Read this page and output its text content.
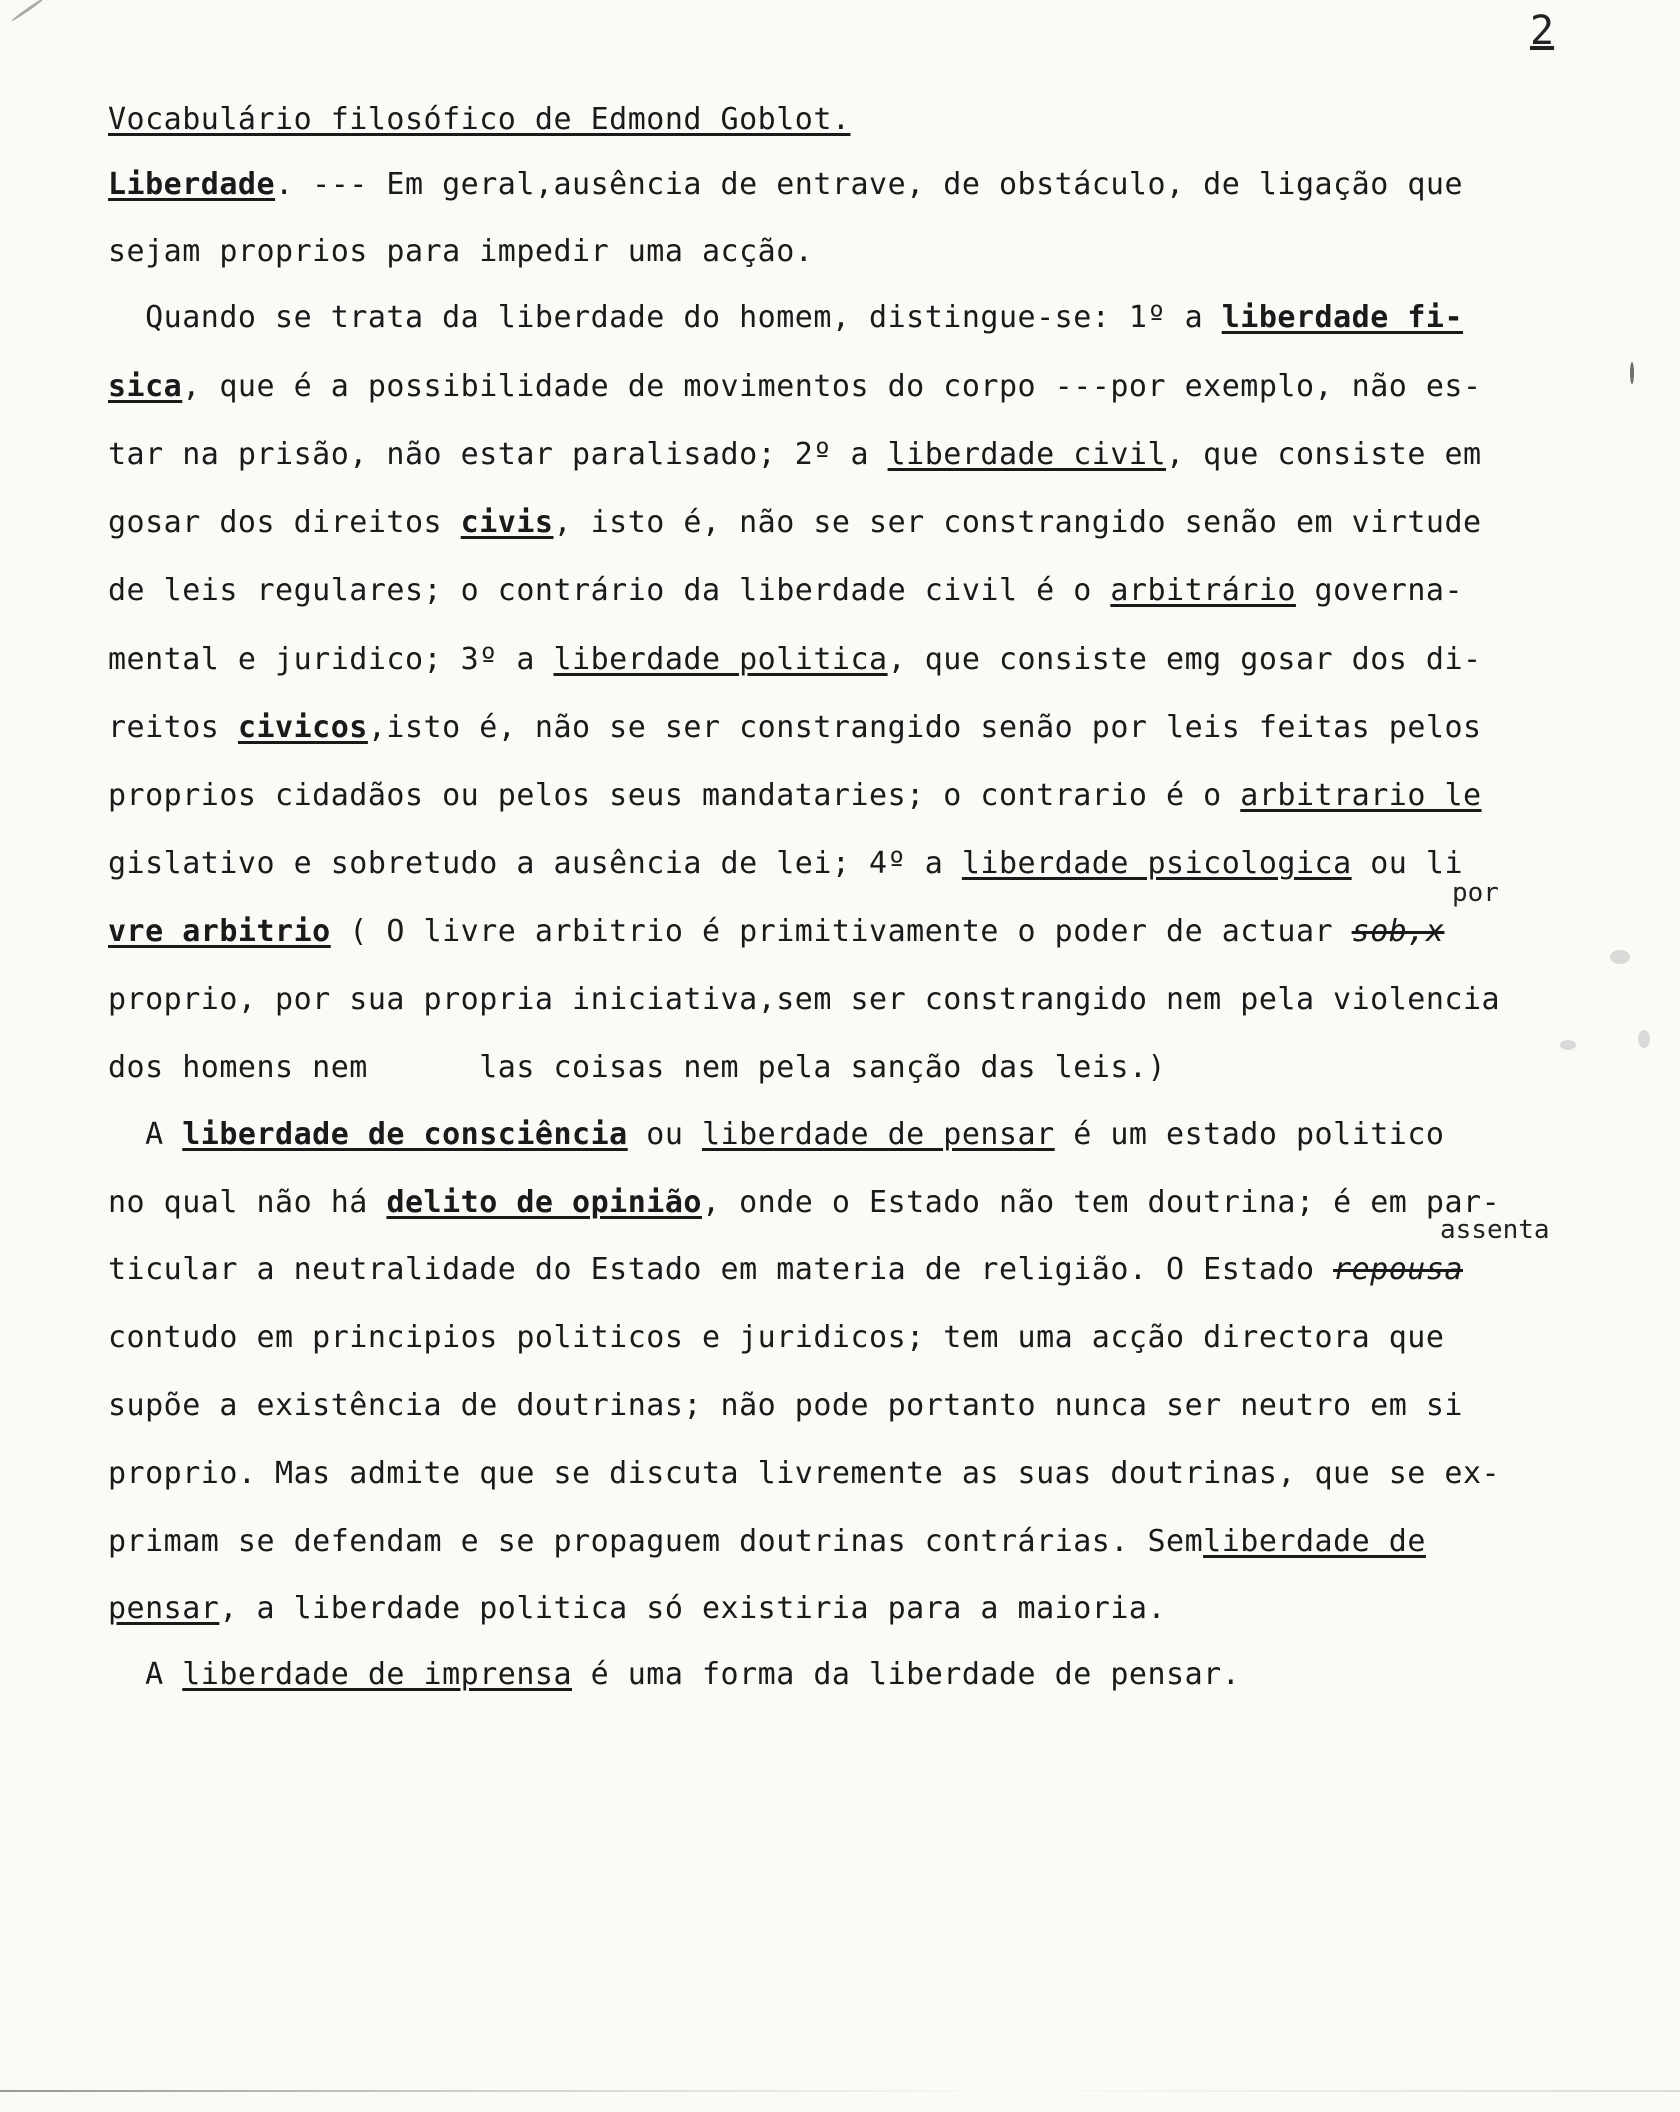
2
Vocabulário filosófico de Edmond Goblot.
Liberdade. --- Em geral,ausência de entrave, de obstáculo, de ligação que
sejam proprios para impedir uma acção.
Quando se trata da liberdade do homem, distingue-se: 1º a liberdade fi-
sica, que é a possibilidade de movimentos do corpo ---por exemplo, não es-
tar na prisão, não estar paralisado; 2º a liberdade civil, que consiste em
gosar dos direitos civis, isto é, não se ser constrangido senão em virtude
de leis regulares; o contrário da liberdade civil é o arbitrário governa-
mental e juridico; 3º a liberdade politica, que consiste emg gosar dos di-
reitos civicos,isto é, não se ser constrangido senão por leis feitas pelos
proprios cidadãos ou pelos seus mandataries; o contrario é o arbitrario le
gislativo e sobretudo a ausência de lei; 4º a liberdade psicologica ou li
por
vre arbitrio ( O livre arbitrio é primitivamente o poder de actuar sob,x
proprio, por sua propria iniciativa,sem ser constrangido nem pela violencia
dos homens nem      las coisas nem pela sanção das leis.)
A liberdade de consciência ou liberdade de pensar é um estado politico
no qual não há delito de opinião, onde o Estado não tem doutrina; é em par-
assenta
ticular a neutralidade do Estado em materia de religião. O Estado repousa
contudo em principios politicos e juridicos; tem uma acção directora que
supõe a existência de doutrinas; não pode portanto nunca ser neutro em si
proprio. Mas admite que se discuta livremente as suas doutrinas, que se ex-
primam se defendam e se propaguem doutrinas contrárias. Semliberdade de
pensar, a liberdade politica só existiria para a maioria.
A liberdade de imprensa é uma forma da liberdade de pensar.
